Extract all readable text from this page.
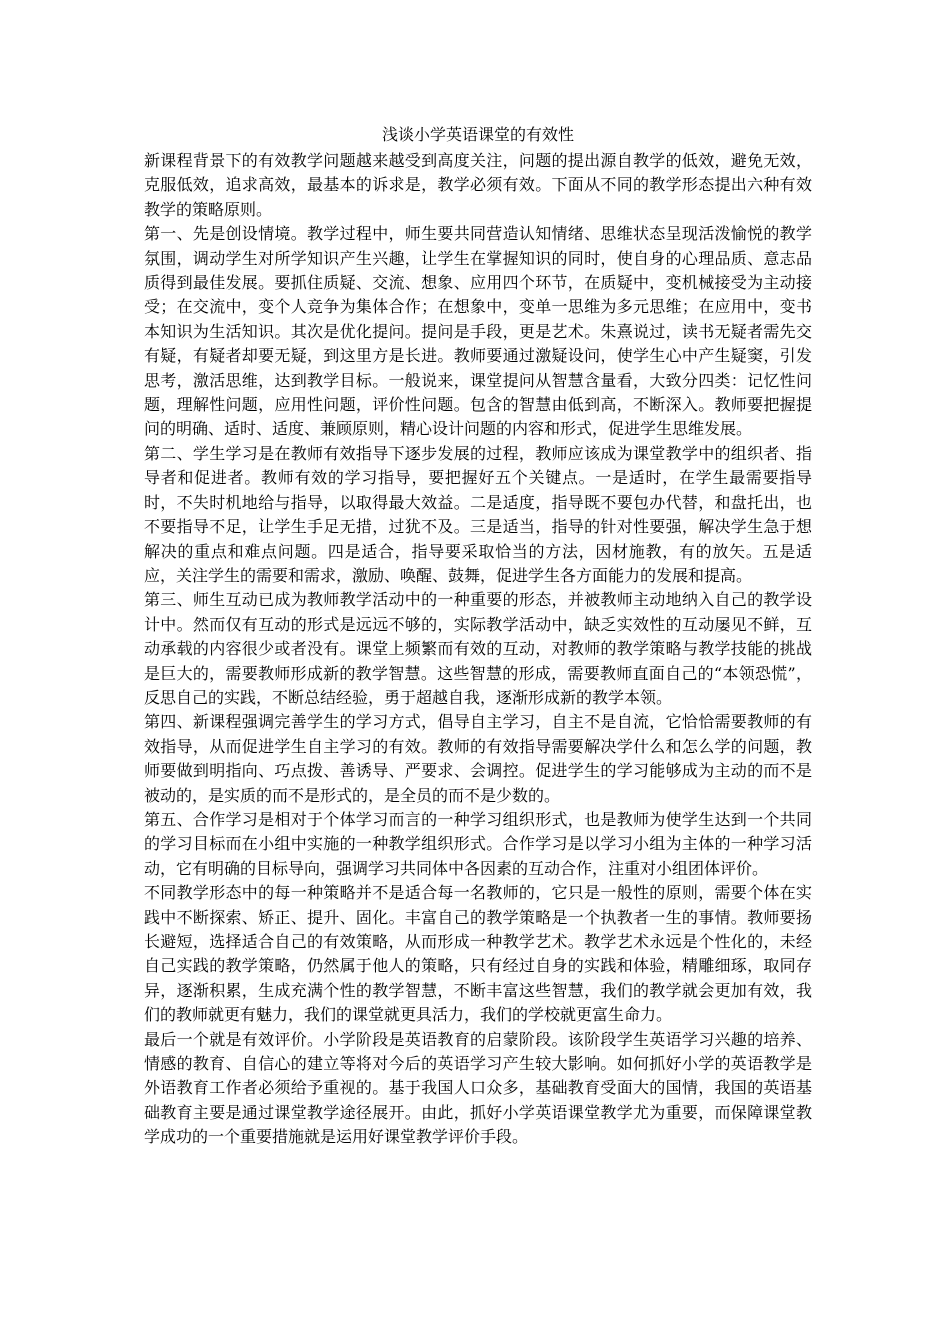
浅谈小学英语课堂的有效性

新课程背景下的有效教学问题越来越受到高度关注，问题的提出源自教学的低效，避免无效，克服低效，追求高效，最基本的诉求是，教学必须有效。下面从不同的教学形态提出六种有效教学的策略原则。

第一、先是创设情境。教学过程中，师生要共同营造认知情绪、思维状态呈现活泼愉悦的教学氛围，调动学生对所学知识产生兴趣，让学生在掌握知识的同时，使自身的心理品质、意志品质得到最佳发展。要抓住质疑、交流、想象、应用四个环节，在质疑中，变机械接受为主动接受；在交流中，变个人竞争为集体合作；在想象中，变单一思维为多元思维；在应用中，变书本知识为生活知识。其次是优化提问。提问是手段，更是艺术。朱熹说过，读书无疑者需先交有疑，有疑者却要无疑，到这里方是长进。教师要通过激疑设问，使学生心中产生疑窦，引发思考，激活思维，达到教学目标。一般说来，课堂提问从智慧含量看，大致分四类：记忆性问题，理解性问题，应用性问题，评价性问题。包含的智慧由低到高，不断深入。教师要把握提问的明确、适时、适度、兼顾原则，精心设计问题的内容和形式，促进学生思维发展。

第二、学生学习是在教师有效指导下逐步发展的过程，教师应该成为课堂教学中的组织者、指导者和促进者。教师有效的学习指导，要把握好五个关键点。一是适时，在学生最需要指导时，不失时机地给与指导，以取得最大效益。二是适度，指导既不要包办代替，和盘托出，也不要指导不足，让学生手足无措，过犹不及。三是适当，指导的针对性要强，解决学生急于想解决的重点和难点问题。四是适合，指导要采取恰当的方法，因材施教，有的放矢。五是适应，关注学生的需要和需求，激励、唤醒、鼓舞，促进学生各方面能力的发展和提高。

第三、师生互动已成为教师教学活动中的一种重要的形态，并被教师主动地纳入自己的教学设计中。然而仅有互动的形式是远远不够的，实际教学活动中，缺乏实效性的互动屡见不鲜，互动承载的内容很少或者没有。课堂上频繁而有效的互动，对教师的教学策略与教学技能的挑战是巨大的，需要教师形成新的教学智慧。这些智慧的形成，需要教师直面自己的“本领恐慌”，反思自己的实践，不断总结经验，勇于超越自我，逐渐形成新的教学本领。

第四、新课程强调完善学生的学习方式，倡导自主学习，自主不是自流，它恰恰需要教师的有效指导，从而促进学生自主学习的有效。教师的有效指导需要解决学什么和怎么学的问题，教师要做到明指向、巧点拨、善诱导、严要求、会调控。促进学生的学习能够成为主动的而不是被动的，是实质的而不是形式的，是全员的而不是少数的。

第五、合作学习是相对于个体学习而言的一种学习组织形式，也是教师为使学生达到一个共同的学习目标而在小组中实施的一种教学组织形式。合作学习是以学习小组为主体的一种学习活动，它有明确的目标导向，强调学习共同体中各因素的互动合作，注重对小组团体评价。

不同教学形态中的每一种策略并不是适合每一名教师的，它只是一般性的原则，需要个体在实践中不断探索、矫正、提升、固化。丰富自己的教学策略是一个执教者一生的事情。教师要扬长避短，选择适合自己的有效策略，从而形成一种教学艺术。教学艺术永远是个性化的，未经自己实践的教学策略，仍然属于他人的策略，只有经过自身的实践和体验，精雕细琢，取同存异，逐渐积累，生成充满个性的教学智慧，不断丰富这些智慧，我们的教学就会更加有效，我们的教师就更有魅力，我们的课堂就更具活力，我们的学校就更富生命力。

最后一个就是有效评价。小学阶段是英语教育的启蒙阶段。该阶段学生英语学习兴趣的培养、情感的教育、自信心的建立等将对今后的英语学习产生较大影响。如何抓好小学的英语教学是外语教育工作者必须给予重视的。基于我国人口众多，基础教育受面大的国情，我国的英语基础教育主要是通过课堂教学途径展开。由此，抓好小学英语课堂教学尤为重要，而保障课堂教学成功的一个重要措施就是运用好课堂教学评价手段。
